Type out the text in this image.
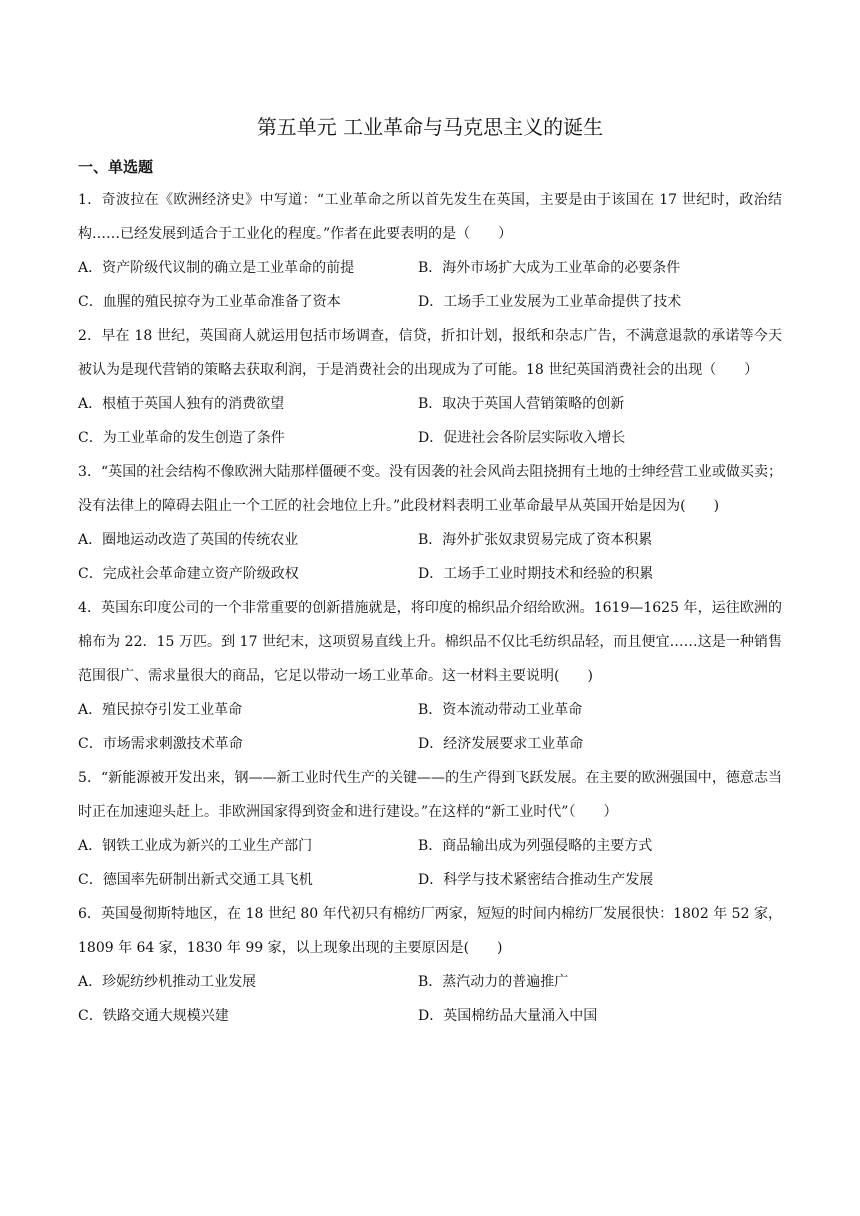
第五单元 工业革命与马克思主义的诞生
一、单选题
1．奇波拉在《欧洲经济史》中写道：“工业革命之所以首先发生在英国，主要是由于该国在 17 世纪时，政治结构……已经发展到适合于工业化的程度。”作者在此要表明的是（　　）
A．资产阶级代议制的确立是工业革命的前提	B．海外市场扩大成为工业革命的必要条件
C．血腥的殖民掠夺为工业革命准备了资本	D．工场手工业发展为工业革命提供了技术
2．早在 18 世纪，英国商人就运用包括市场调查，信贷，折扣计划，报纸和杂志广告，不满意退款的承诺等今天被认为是现代营销的策略去获取利润，于是消费社会的出现成为了可能。18 世纪英国消费社会的出现（　　）
A．根植于英国人独有的消费欲望	B．取决于英国人营销策略的创新
C．为工业革命的发生创造了条件	D．促进社会各阶层实际收入增长
3．“英国的社会结构不像欧洲大陆那样僵硬不变。没有因袭的社会风尚去阻挠拥有土地的士绅经营工业或做买卖；没有法律上的障碍去阻止一个工匠的社会地位上升。”此段材料表明工业革命最早从英国开始是因为(　　)
A．圈地运动改造了英国的传统农业	B．海外扩张奴隶贸易完成了资本积累
C．完成社会革命建立资产阶级政权	D．工场手工业时期技术和经验的积累
4．英国东印度公司的一个非常重要的创新措施就是，将印度的棉织品介绍给欧洲。1619—1625 年，运往欧洲的棉布为 22．15 万匹。到 17 世纪末，这项贸易直线上升。棉织品不仅比毛纺织品轻，而且便宜……这是一种销售范围很广、需求量很大的商品，它足以带动一场工业革命。这一材料主要说明(　　)
A．殖民掠夺引发工业革命	B．资本流动带动工业革命
C．市场需求刺激技术革命	D．经济发展要求工业革命
5．“新能源被开发出来，钢——新工业时代生产的关键——的生产得到飞跃发展。在主要的欧洲强国中，德意志当时正在加速迎头赶上。非欧洲国家得到资金和进行建设。”在这样的“新工业时代”（　　）
A．钢铁工业成为新兴的工业生产部门	B．商品输出成为列强侵略的主要方式
C．德国率先研制出新式交通工具飞机	D．科学与技术紧密结合推动生产发展
6．英国曼彻斯特地区，在 18 世纪 80 年代初只有棉纺厂两家，短短的时间内棉纺厂发展很快：1802 年 52 家，1809 年 64 家，1830 年 99 家，以上现象出现的主要原因是(　　)
A．珍妮纺纱机推动工业发展	B．蒸汽动力的普遍推广
C．铁路交通大规模兴建	D．英国棉纺品大量涌入中国
